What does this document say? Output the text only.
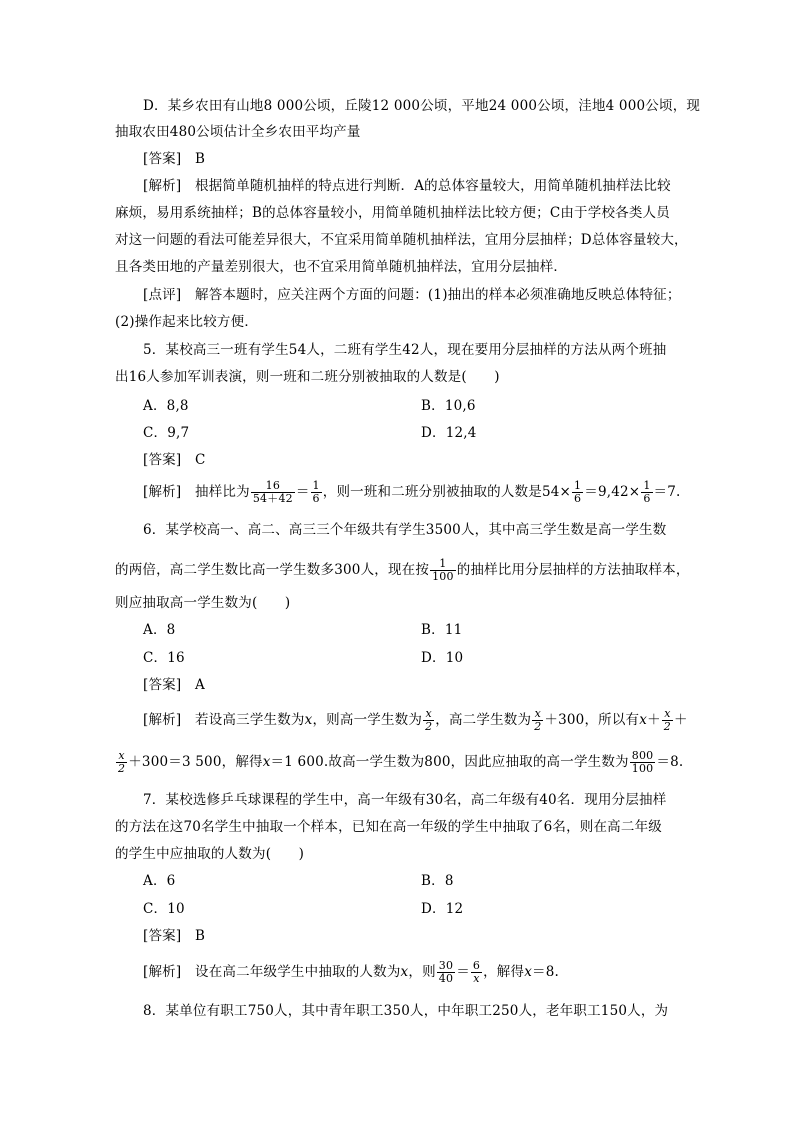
D．某乡农田有山地8 000公顷，丘陵12 000公顷，平地24 000公顷，洼地4 000公顷，现
抽取农田480公顷估计全乡农田平均产量
[答案]　B
[解析]　根据简单随机抽样的特点进行判断．A的总体容量较大，用简单随机抽样法比较
麻烦，易用系统抽样；B的总体容量较小，用简单随机抽样法比较方便；C由于学校各类人员
对这一问题的看法可能差异很大，不宜采用简单随机抽样法，宜用分层抽样；D总体容量较大，
且各类田地的产量差别很大，也不宜采用简单随机抽样法，宜用分层抽样．
[点评]　解答本题时，应关注两个方面的问题：(1)抽出的样本必须准确地反映总体特征；
(2)操作起来比较方便．
5．某校高三一班有学生54人，二班有学生42人，现在要用分层抽样的方法从两个班抽
出16人参加军训表演，则一班和二班分别被抽取的人数是(　　)
A．8,8	B．10,6
C．9,7	D．12,4
[答案]　C
[解析]　抽样比为 $\frac{16}{54+42} = \frac{1}{6}$ ，则一班和二班分别被抽取的人数是$54\times \frac{1}{6} =9,42\times \frac{1}{6} =7$.
6．某学校高一、高二、高三三个年级共有学生3500人，其中高三学生数是高一学生数
的两倍，高二学生数比高一学生数多300人，现在按 $\frac{1}{100}$ 的抽样比用分层抽样的方法抽取样本，
则应抽取高一学生数为(　　)
A．8	B．11
C．16	D．10
[答案]　A
[解析]　若设高三学生数为x，则高一学生数为 $\frac{x}{2}$ ，高二学生数为 $\frac{x}{2} +300$，所以有$x+ \frac{x}{2}$ ＋
$\frac{x}{2} +300=3$ 500，解得x＝1 600.故高一学生数为800，因此应抽取的高一学生数为 $\frac{800}{100} =8$.
7．某校选修乒乓球课程的学生中，高一年级有30名，高二年级有40名．现用分层抽样
的方法在这70名学生中抽取一个样本，已知在高一年级的学生中抽取了6名，则在高二年级
的学生中应抽取的人数为(　　)
A．6	B．8
C．10	D．12
[答案]　B
[解析]　设在高二年级学生中抽取的人数为x，则 $\frac{30}{40} = \frac{6}{x}$ ，解得x＝8.
8．某单位有职工750人，其中青年职工350人，中年职工250人，老年职工150人，为
